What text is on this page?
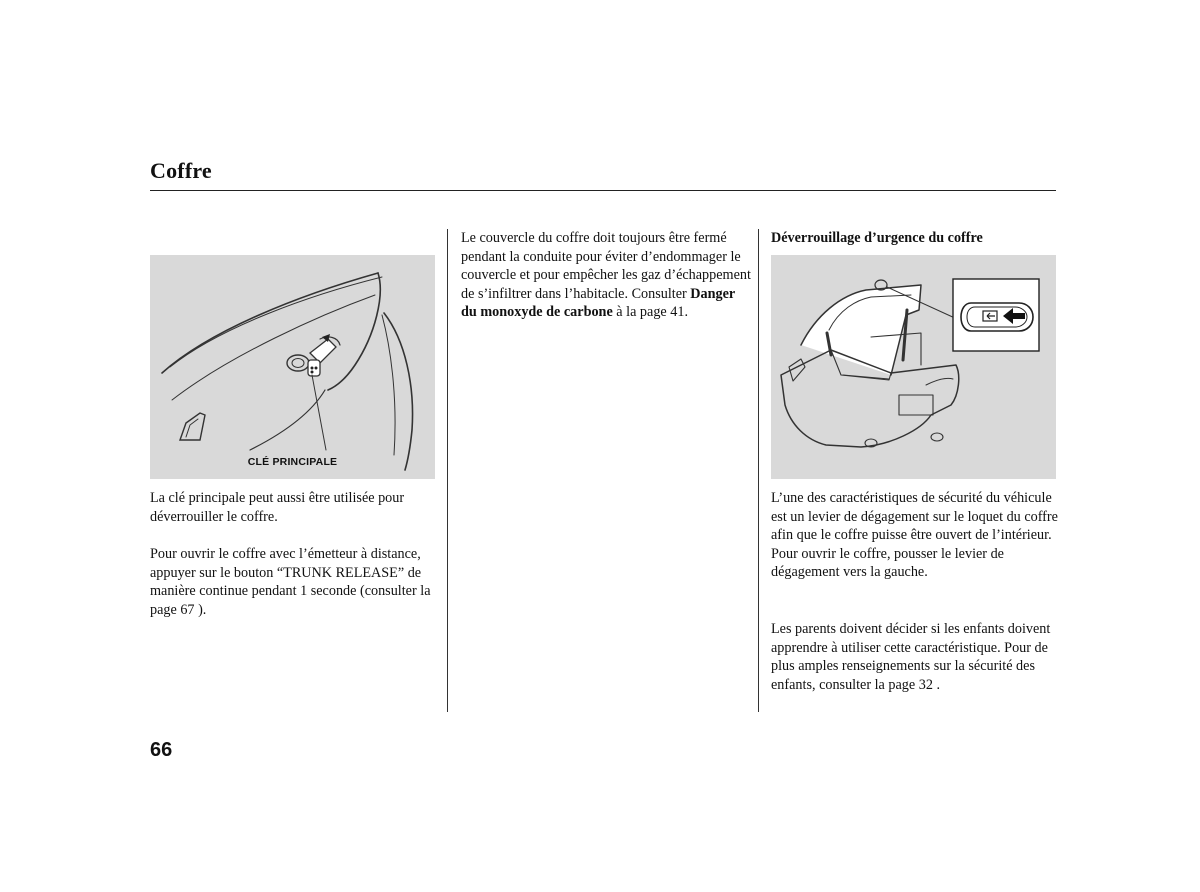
Coffre
CLÉ PRINCIPALE

La clé principale peut aussi être utilisée pour déverrouiller le coffre.

Pour ouvrir le coffre avec l’émetteur à distance, appuyer sur le bouton “TRUNK RELEASE” de manière continue pendant 1 seconde (consulter la page 67 ).

Le couvercle du coffre doit toujours être fermé pendant la conduite pour éviter d’endommager le couvercle et pour empêcher les gaz d’échappement de s’infiltrer dans l’habitacle. Consulter Danger du monoxyde de carbone à la page 41.

Déverrouillage d’urgence du coffre

L’une des caractéristiques de sécurité du véhicule est un levier de dégagement sur le loquet du coffre afin que le coffre puisse être ouvert de l’intérieur. Pour ouvrir le coffre, pousser le levier de dégagement vers la gauche.

Les parents doivent décider si les enfants doivent apprendre à utiliser cette caractéristique. Pour de plus amples renseignements sur la sécurité des enfants, consulter la page 32 .

66
